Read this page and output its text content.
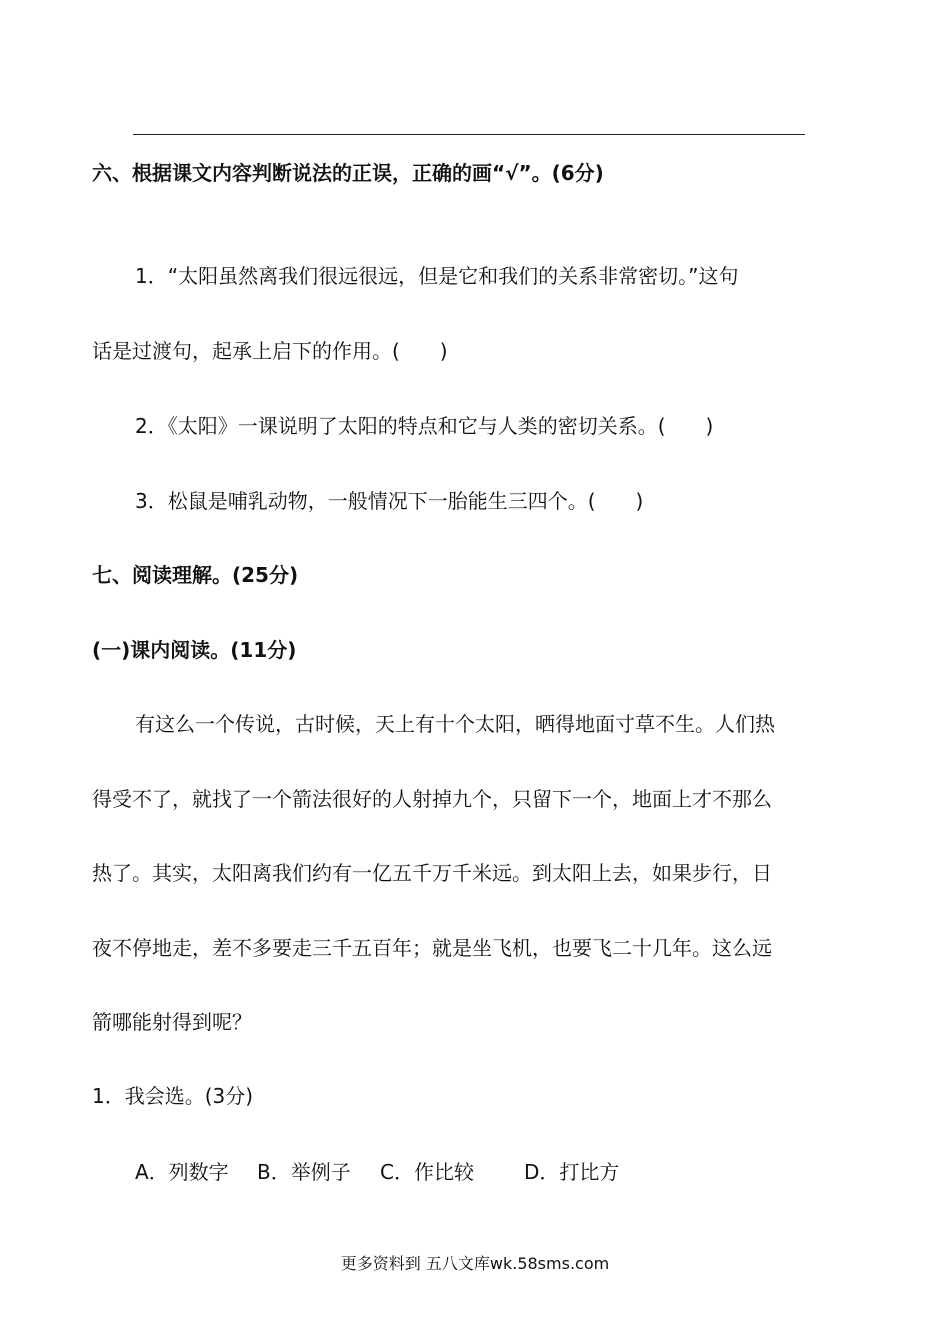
六、根据课文内容判断说法的正误，正确的画“√”。(6分)
1．“太阳虽然离我们很远很远，但是它和我们的关系非常密切。”这句
话是过渡句，起承上启下的作用。(　　)
2．《太阳》一课说明了太阳的特点和它与人类的密切关系。(　　)
3．松鼠是哺乳动物，一般情况下一胎能生三四个。(　　)
七、阅读理解。(25分)
(一)课内阅读。(11分)
有这么一个传说，古时候，天上有十个太阳，晒得地面寸草不生。人们热
得受不了，就找了一个箭法很好的人射掉九个，只留下一个，地面上才不那么
热了。其实，太阳离我们约有一亿五千万千米远。到太阳上去，如果步行，日
夜不停地走，差不多要走三千五百年；就是坐飞机，也要飞二十几年。这么远
箭哪能射得到呢？
1．我会选。(3分)
A．列数字 B．举例子 C．作比较	D．打比方
更多资料到 五八文库wk.58sms.com
